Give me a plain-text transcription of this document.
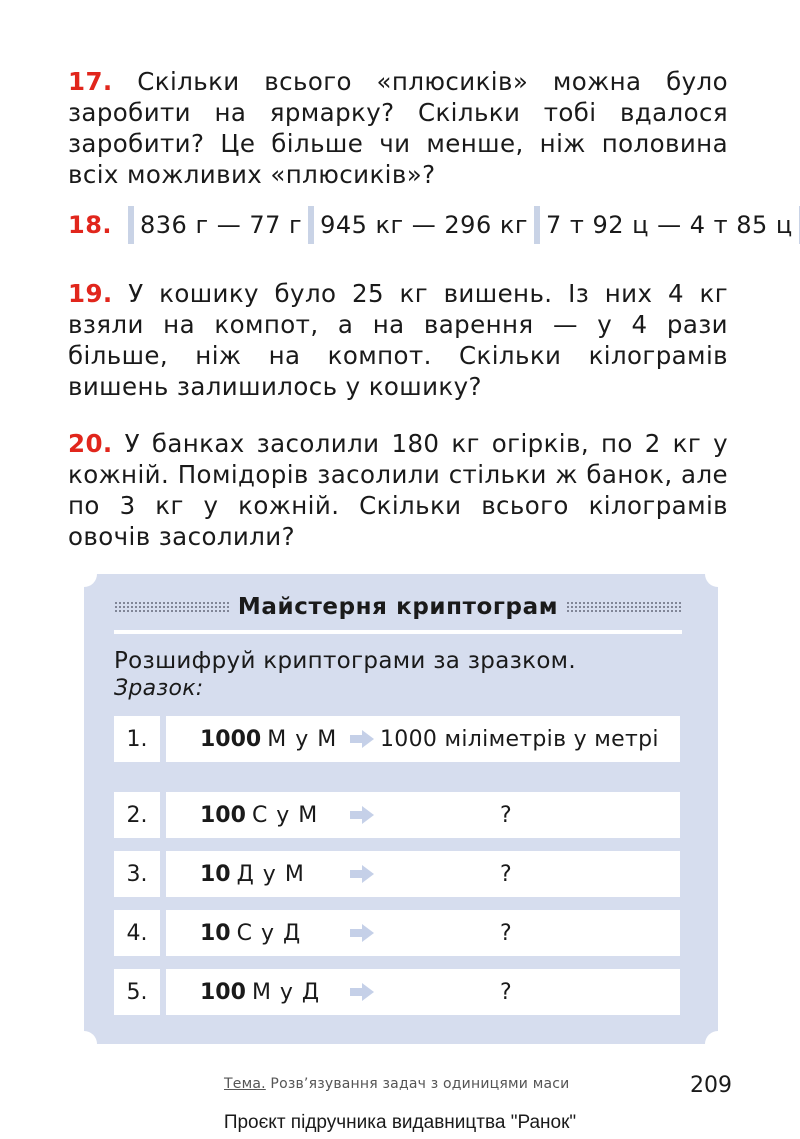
17. Скільки всього «плюсиків» можна було заробити на ярмарку? Скільки тобі вдалося заробити? Це більше чи менше, ніж половина всіх можливих «плюсиків»?

18. 836 г — 77 г 945 кг — 296 кг 7 т 92 ц — 4 т 85 ц

19. У кошику було 25 кг вишень. Із них 4 кг взяли на компот, а на варення — у 4 рази більше, ніж на компот. Скільки кілограмів вишень залишилось у кошику?

20. У банках засолили 180 кг огірків, по 2 кг у кожній. Помідорів засолили стільки ж банок, але по 3 кг у кожній. Скільки всього кілограмів овочів засолили?

Майстерня криптограм
Розшифруй криптограми за зразком.
Зразок:
1.	1000 М у М 1000 міліметрів у метрі
2.	100 С у М	?
3.	10 Д у М	?
4.	10 С у Д	?
5.	100 М у Д	?
Тема. Розв’язування задач з одиницями маси	209
Проєкт підручника видавництва "Ранок"
